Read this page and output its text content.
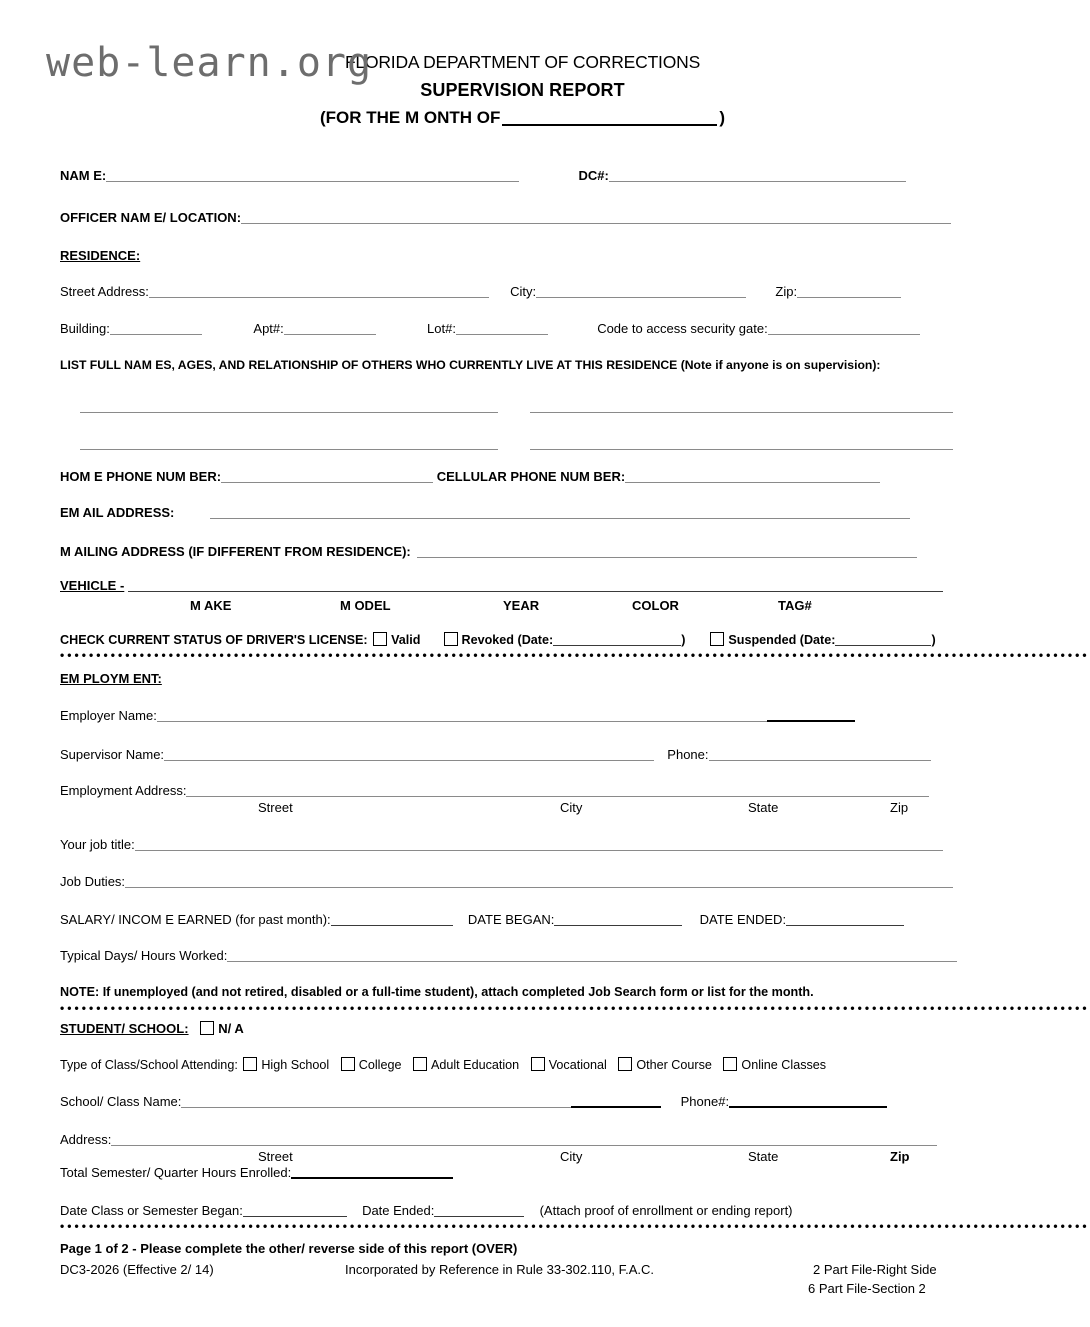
web-learn.org
FLORIDA DEPARTMENT OF CORRECTIONS
SUPERVISION REPORT
(FOR THE M ONTH OF	)
NAM E:	DC#:
OFFICER NAM E/ LOCATION:
RESIDENCE:
Street Address:	City:	Zip:
Building:	Apt#:	Lot#:	Code to access security gate:
LIST FULL NAM ES, AGES, AND RELATIONSHIP OF OTHERS WHO CURRENTLY LIVE AT THIS RESIDENCE (Note if anyone is on supervision):
HOM E PHONE NUM BER:	CELLULAR PHONE NUM BER:
EM AIL ADDRESS:
M AILING ADDRESS (IF DIFFERENT FROM RESIDENCE):
VEHICLE -
M AKE	M ODEL	YEAR	COLOR	TAG#
CHECK CURRENT STATUS OF DRIVER'S LICENSE: Valid	Revoked (Date:	)	Suspended (Date:	)
••••••••••••••••••••••••••••••••••••••••••••••••••••••••••••••••••••••••••••••••••••••••••••••••••••••••••••••••••••••••••••••••••••••••••••••
EM PLOYM ENT:
Employer Name:
Supervisor Name:	Phone:
Employment Address:
Street	City	State	Zip
Your job title:
Job Duties:
SALARY/ INCOM E EARNED (for past month):	DATE BEGAN:	DATE ENDED:
Typical Days/ Hours Worked:
NOTE: If unemployed (and not retired, disabled or a full-time student), attach completed Job Search form or list for the month.
••••••••••••••••••••••••••••••••••••••••••••••••••••••••••••••••••••••••••••••••••••••••••••••••••••••••••••••••••••••••••••••••••••••••••••••
STUDENT/ SCHOOL: N/ A
Type of Class/School Attending: High School College Adult Education Vocational Other Course Online Classes
School/ Class Name:	Phone#:
Address:
Street	City	State	Zip
Total Semester/ Quarter Hours Enrolled:
Date Class or Semester Began:	Date Ended:	(Attach proof of enrollment or ending report)
••••••••••••••••••••••••••••••••••••••••••••••••••••••••••••••••••••••••••••••••••••••••••••••••••••••••••••••••••••••••••••••••••••••••••••••
Page 1 of 2 - Please complete the other/ reverse side of this report (OVER)
DC3-2026 (Effective 2/ 14)	Incorporated by Reference in Rule 33-302.110, F.A.C.	2 Part File-Right Side
6 Part File-Section 2
